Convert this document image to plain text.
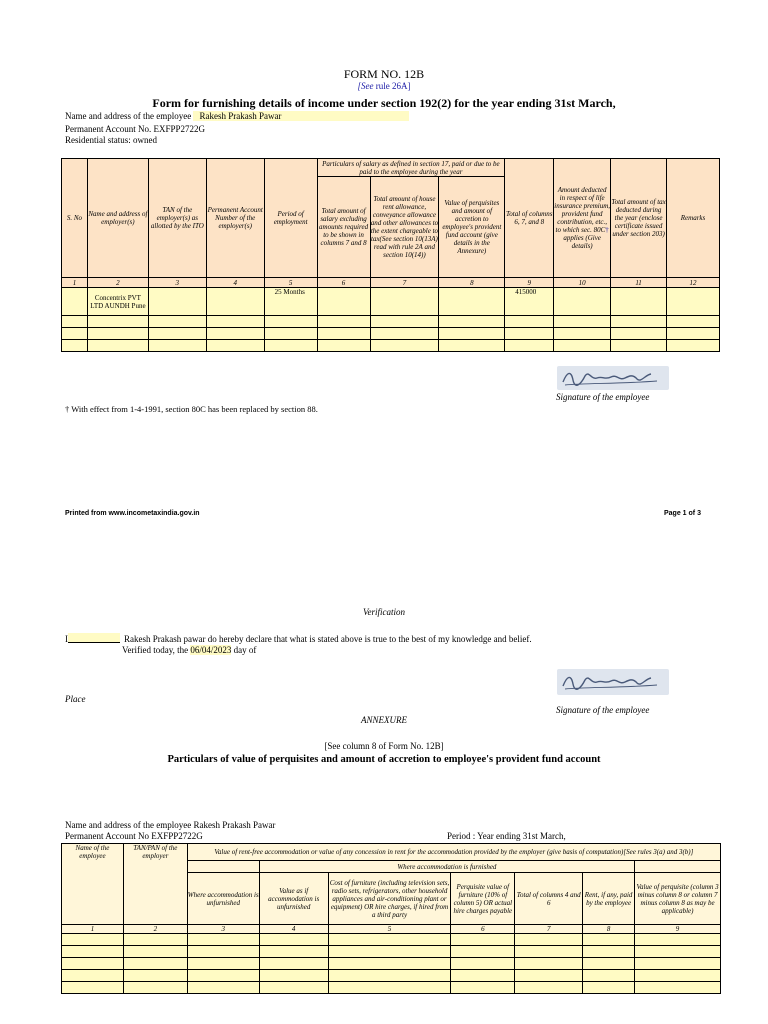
FORM NO. 12B
[See rule 26A]
Form for furnishing details of income under section 192(2) for the year ending 31st March,
Name and address of the employee Rakesh Prakash Pawar
Permanent Account No. EXFPP2722G
Residential status: owned
S. No	Name and address of employer(s)	TAN of the employer(s) as allotted by the ITO	Permanent Account Number of the employer(s)	Period of employment	Particulars of salary as defined in section 17, paid or due to be paid to the employee during the year			Total of columns 6, 7, and 8	Amount deducted in respect of life insurance premium, provident fund contribution, etc., to which sec. 80C† applies (Give details)	Total amount of tax deducted during the year (enclose certificate issued under section 203)	Remarks
					Total amount of salary excluding amounts required to be shown in columns 7 and 8	Total amount of house rent allowance, conveyance allowance and other allowances to the extent chargeable to tax(See section 10(13A) read with rule 2A and section 10(14))	Value of perquisites and amount of accretion to employee's provident fund account (give details in the Annexure)				
1	2	3	4	5	6	7	8	9	10	11	12
	Concentrix PVT LTD AUNDH Pune			25 Months				415000			

Signature of the employee
† With effect from 1-4-1991, section 80C has been replaced by section 88.
Printed from www.incometaxindia.gov.in	Page 1 of 3
Verification
I	Rakesh Prakash pawar do hereby declare that what is stated above is true to the best of my knowledge and belief.
Verified today, the 06/04/2023 day of
Place
Signature of the employee
ANNEXURE
[See column 8 of Form No. 12B]
Particulars of value of perquisites and amount of accretion to employee's provident fund account
Name and address of the employee Rakesh Prakash Pawar
Permanent Account No EXFPP2722G	Period : Year ending 31st March,
Name of the employee	TAN/PAN of the employer	Value of rent-free accommodation or value of any concession in rent for the accommodation provided by the employer (give basis of computation)[See rules 3(a) and 3(b)]						
			Where accommodation is furnished					
		Where accommodation is unfurnished	Value as if accommodation is unfurnished	Cost of furniture (including television sets, radio sets, refrigerators, other household appliances and air-conditioning plant or equipment) OR hire charges, if hired from a third party	Perquisite value of furniture (10% of column 5) OR actual hire charges payable	Total of columns 4 and 6	Rent, if any, paid by the employee	Value of perquisite (column 3 minus column 8 or column 7 minus column 8 as may be applicable)
1	2	3	4	5	6	7	8	9
